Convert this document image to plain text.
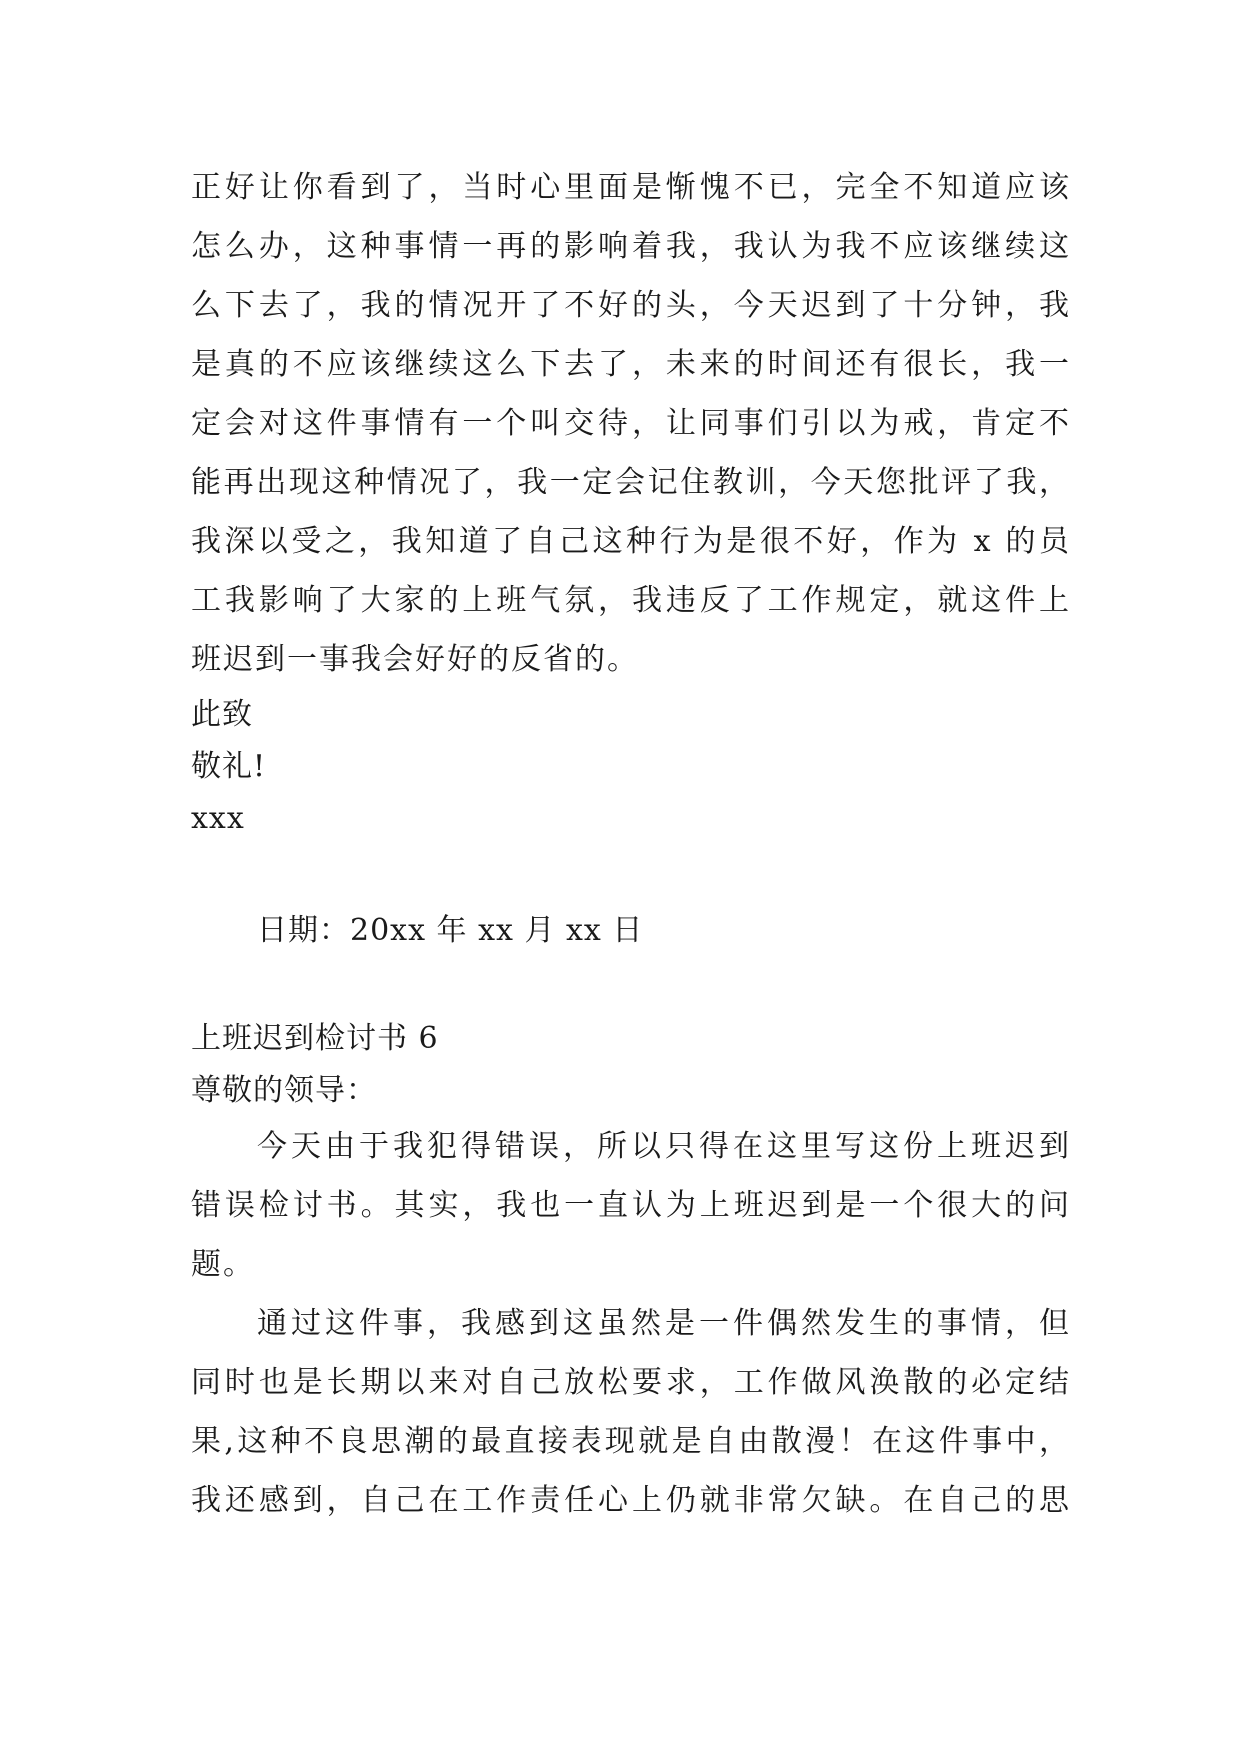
正好让你看到了，当时心里面是惭愧不已，完全不知道应该
怎么办，这种事情一再的影响着我，我认为我不应该继续这
么下去了，我的情况开了不好的头，今天迟到了十分钟，我
是真的不应该继续这么下去了，未来的时间还有很长，我一
定会对这件事情有一个叫交待，让同事们引以为戒，肯定不
能再出现这种情况了，我一定会记住教训，今天您批评了我，
我深以受之，我知道了自己这种行为是很不好，作为 x 的员
工我影响了大家的上班气氛，我违反了工作规定，就这件上
班迟到一事我会好好的反省的。
此致
敬礼!
xxx
日期：20xx 年 xx 月 xx 日
上班迟到检讨书 6
尊敬的领导：
今天由于我犯得错误，所以只得在这里写这份上班迟到
错误检讨书。其实，我也一直认为上班迟到是一个很大的问
题。
通过这件事，我感到这虽然是一件偶然发生的事情，但
同时也是长期以来对自己放松要求，工作做风涣散的必定结
果,这种不良思潮的最直接表现就是自由散漫！在这件事中，
我还感到，自己在工作责任心上仍就非常欠缺。在自己的思
